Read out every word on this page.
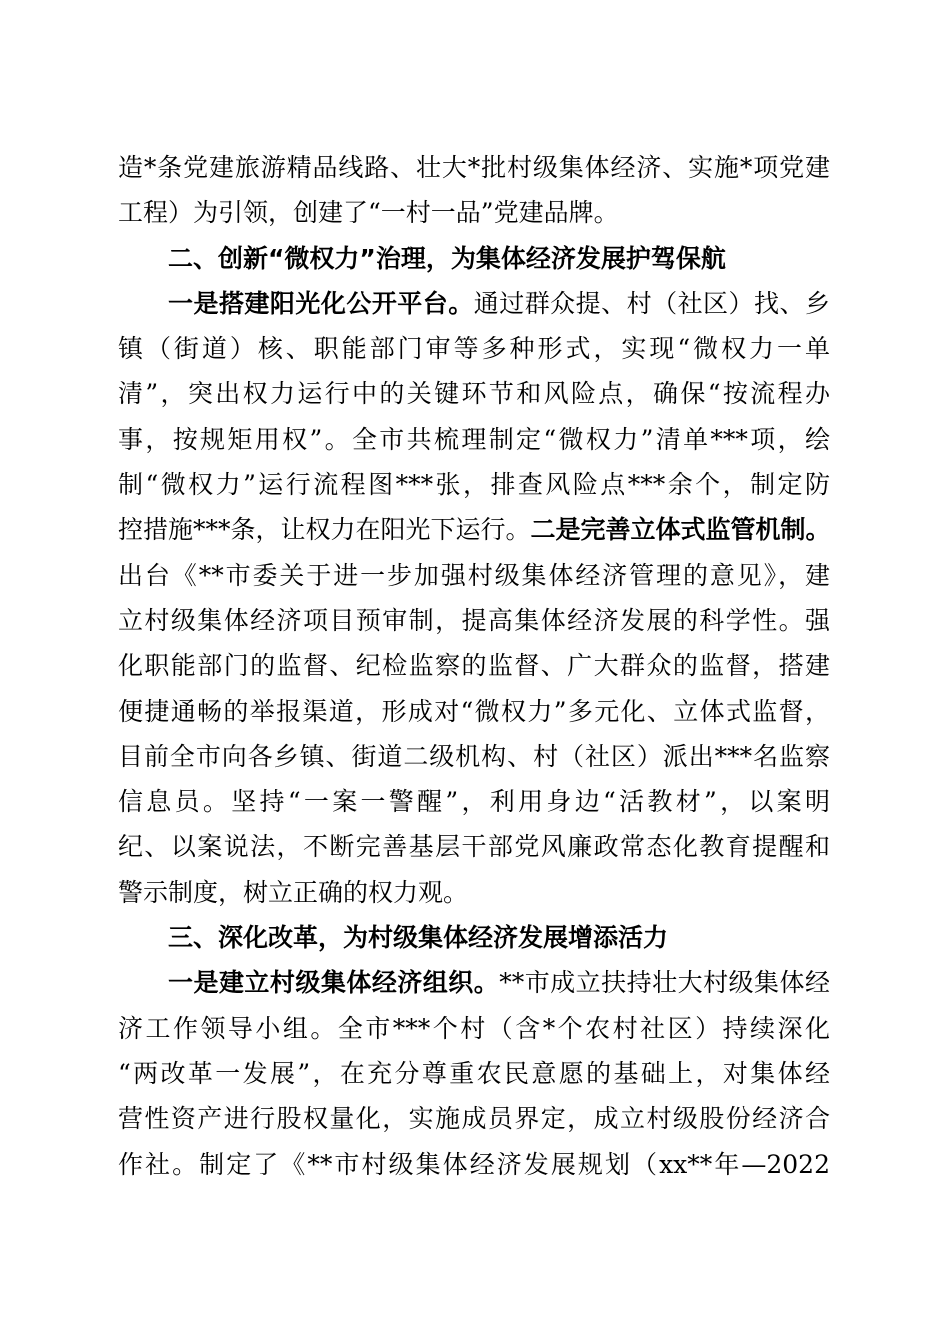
造*条党建旅游精品线路、壮大*批村级集体经济、实施*项党建
工程）为引领，创建了“一村一品”党建品牌。
二、创新“微权力”治理，为集体经济发展护驾保航
一是搭建阳光化公开平台。通过群众提、村（社区）找、乡
镇（街道）核、职能部门审等多种形式，实现“微权力一单
清”，突出权力运行中的关键环节和风险点，确保“按流程办
事，按规矩用权”。全市共梳理制定“微权力”清单***项，绘
制“微权力”运行流程图***张，排查风险点***余个，制定防
控措施***条，让权力在阳光下运行。二是完善立体式监管机制。
出台《**市委关于进一步加强村级集体经济管理的意见》，建
立村级集体经济项目预审制，提高集体经济发展的科学性。强
化职能部门的监督、纪检监察的监督、广大群众的监督，搭建
便捷通畅的举报渠道，形成对“微权力”多元化、立体式监督，
目前全市向各乡镇、街道二级机构、村（社区）派出***名监察
信息员。坚持“一案一警醒”，利用身边“活教材”，以案明
纪、以案说法，不断完善基层干部党风廉政常态化教育提醒和
警示制度，树立正确的权力观。
三、深化改革，为村级集体经济发展增添活力
一是建立村级集体经济组织。**市成立扶持壮大村级集体经
济工作领导小组。全市***个村（含*个农村社区）持续深化
“两改革一发展”，在充分尊重农民意愿的基础上，对集体经
营性资产进行股权量化，实施成员界定，成立村级股份经济合
作社。制定了《**市村级集体经济发展规划（xx**年—2022
